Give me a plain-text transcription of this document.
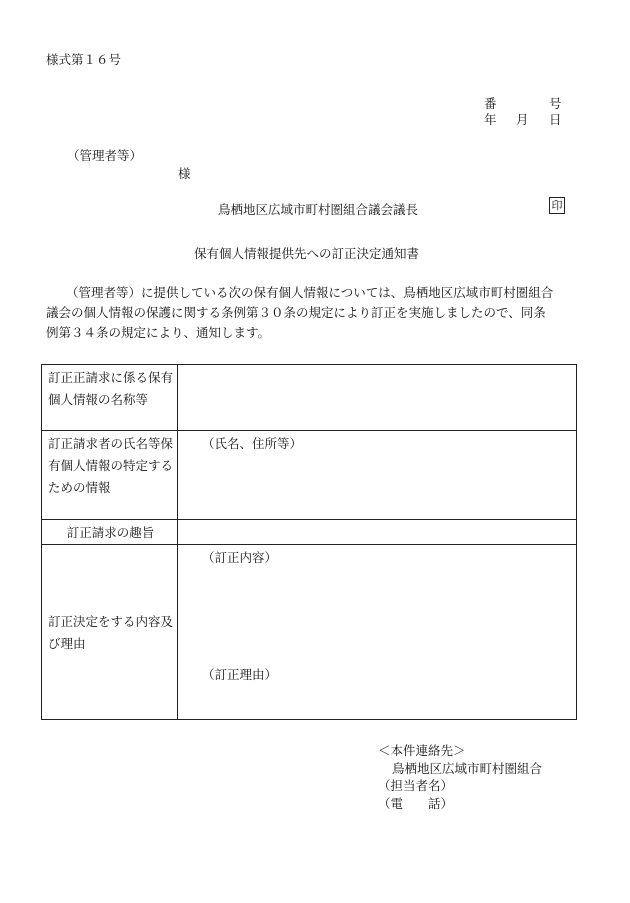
様式第１６号
番	号
年 月 日
（管理者等）
様
鳥栖地区広域市町村圏組合議会議長	印
保有個人情報提供先への訂正決定通知書

（管理者等）に提供している次の保有個人情報については、鳥栖地区広域市町村圏組合

議会の個人情報の保護に関する条例第３０条の規定により訂正を実施しましたので、同条

例第３４条の規定により、通知します。

訂正正請求に係る保有個人情報の名称等	
訂正請求者の氏名等保有個人情報の特定するための情報	（氏名、住所等）
訂正請求の趣旨	
訂正決定をする内容及び理由	（訂正内容）
（訂正理由）
＜本件連絡先＞
鳥栖地区広域市町村圏組合
（担当者名）
（電　　話）
